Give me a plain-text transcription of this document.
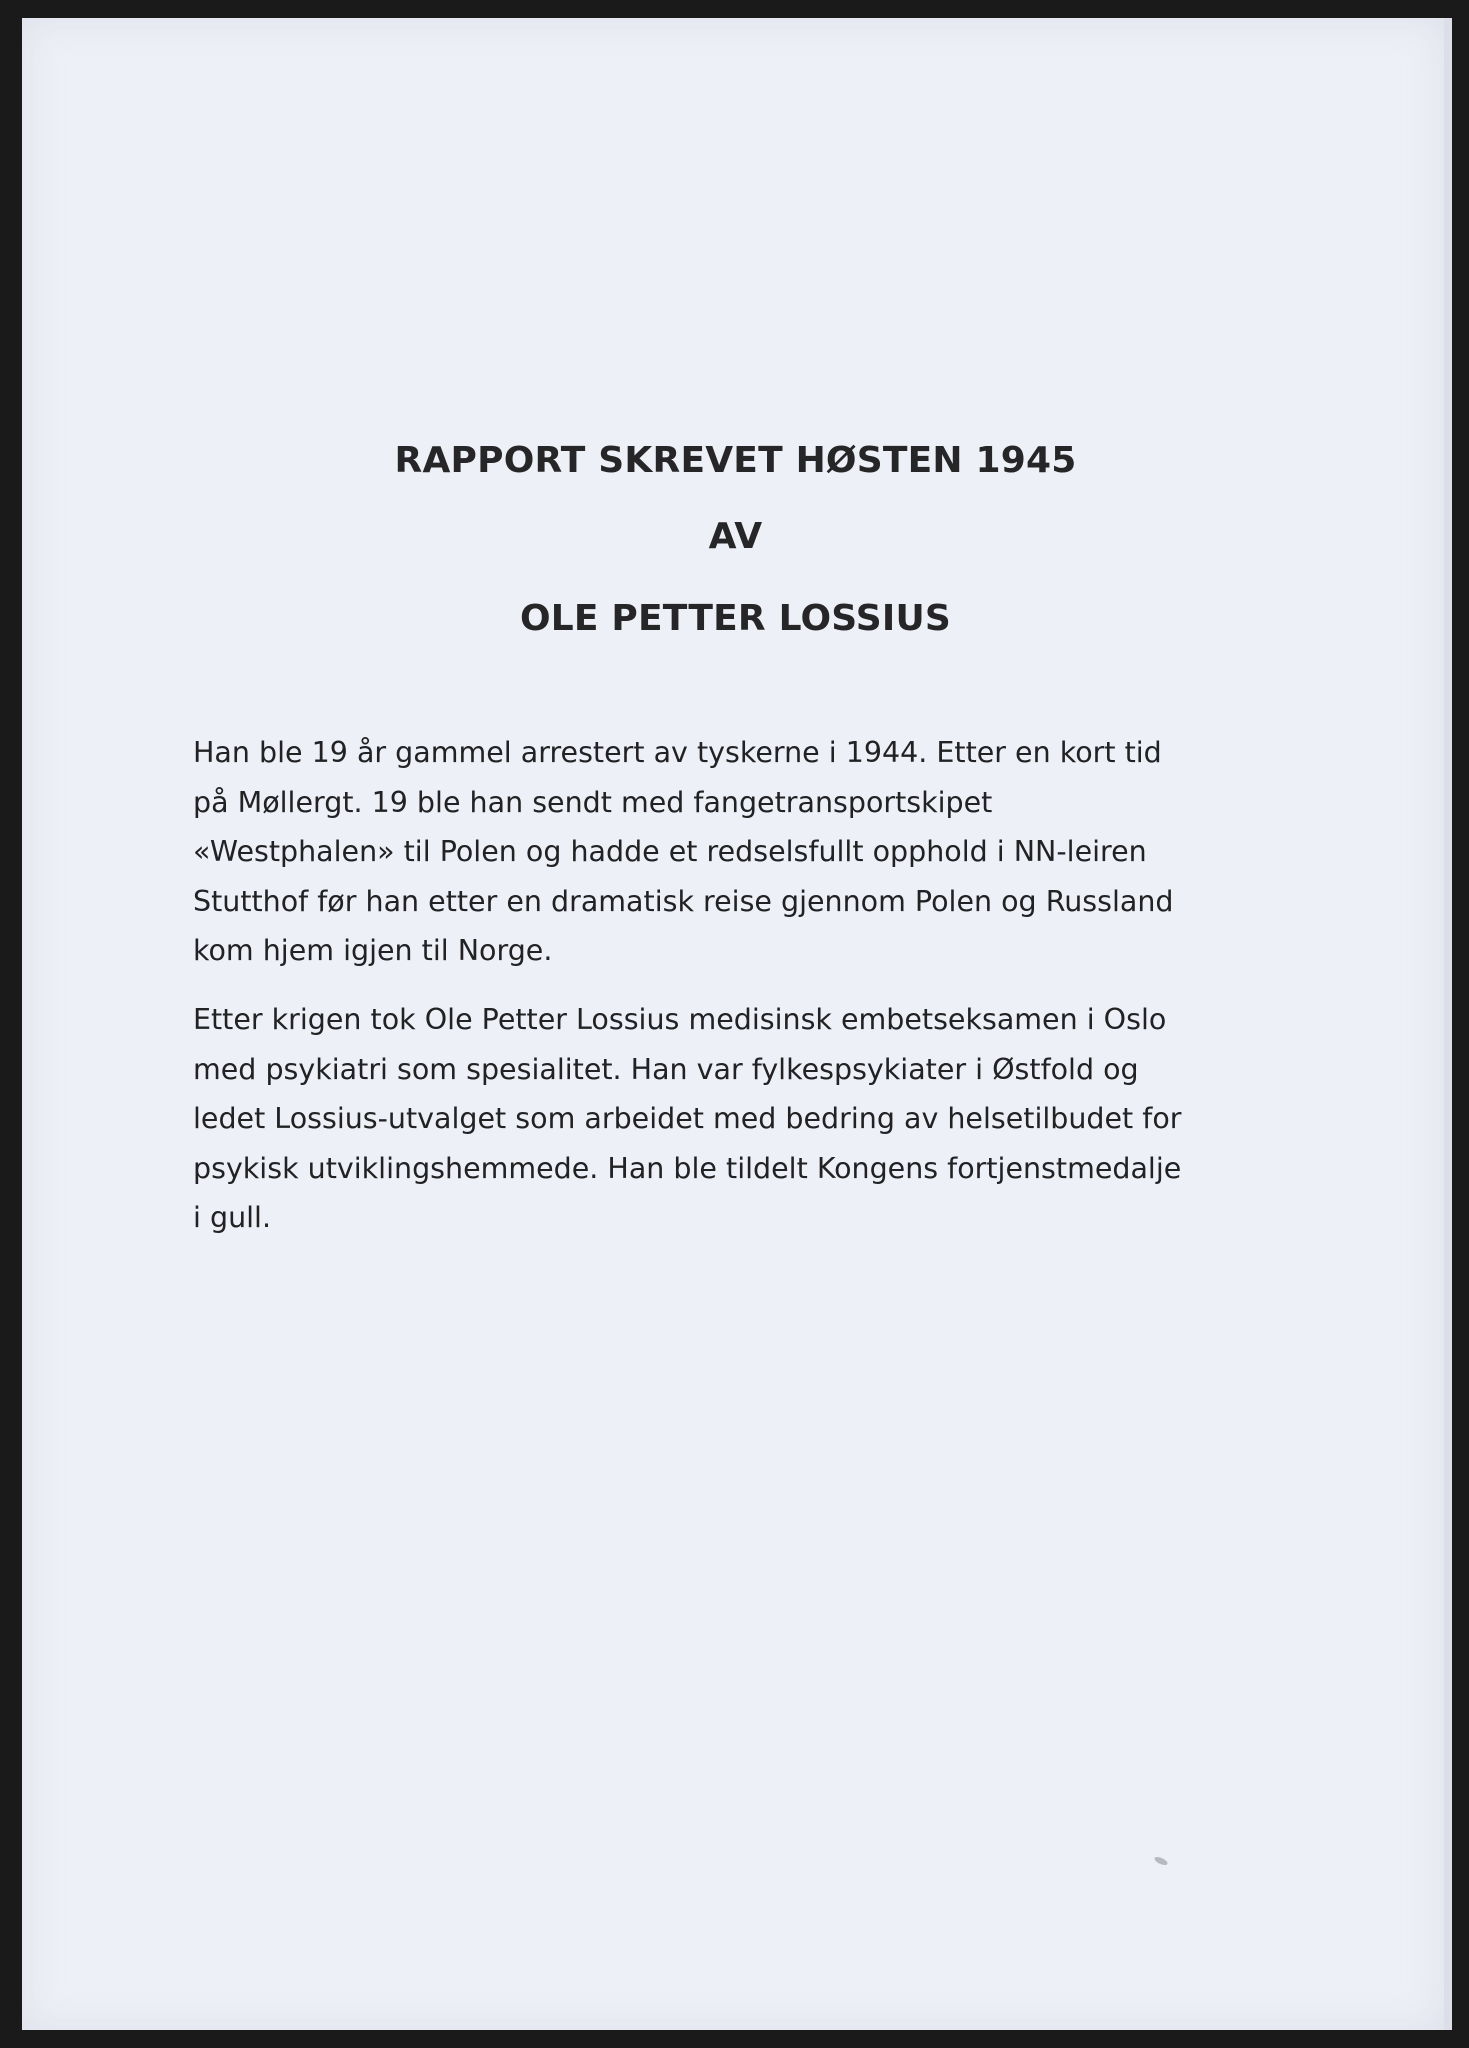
RAPPORT SKREVET HØSTEN 1945
AV
OLE PETTER LOSSIUS

Han ble 19 år gammel arrestert av tyskerne i 1944. Etter en kort tid
på Møllergt. 19 ble han sendt med fangetransportskipet
«Westphalen» til Polen og hadde et redselsfullt opphold i NN-leiren
Stutthof før han etter en dramatisk reise gjennom Polen og Russland
kom hjem igjen til Norge.

Etter krigen tok Ole Petter Lossius medisinsk embetseksamen i Oslo
med psykiatri som spesialitet. Han var fylkespsykiater i Østfold og
ledet Lossius-utvalget som arbeidet med bedring av helsetilbudet for
psykisk utviklingshemmede. Han ble tildelt Kongens fortjenstmedalje
i gull.
